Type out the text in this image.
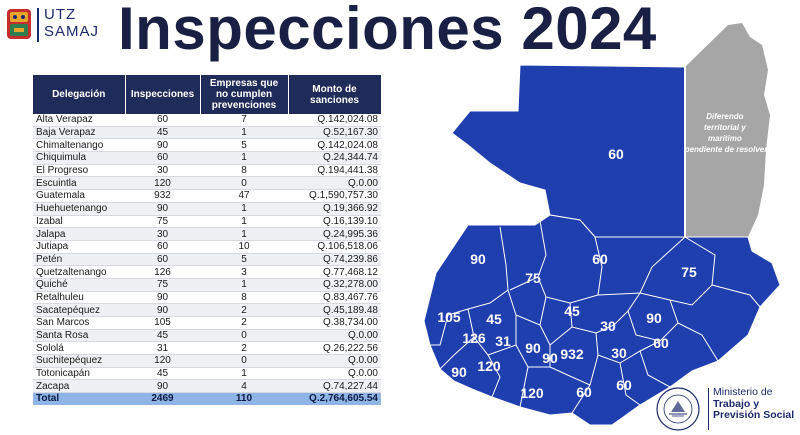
UTZ
SAMAJ Inspecciones 2024
Delegación	Inspecciones	Empresas que no cumplen prevenciones	Monto de sanciones
Alta Verapaz	60	7	Q.142,024.08
Baja Verapaz	45	1	Q.52,167.30
Chimaltenango	90	5	Q.142,024.08
Chiquimula	60	1	Q.24,344.74
El Progreso	30	8	Q.194,441.38
Escuintla	120	0	Q.0.00
Guatemala	932	47	Q.1,590,757.30
Huehuetenango	90	1	Q.19,366.92
Izabal	75	1	Q.16,139.10
Jalapa	30	1	Q.24,995.36
Jutiapa	60	10	Q.106,518.06
Petén	60	5	Q.74,239.86
Quetzaltenango	126	3	Q.77,468.12
Quiché	75	1	Q.32,278.00
Retalhuleu	90	8	Q.83,467.76
Sacatepéquez	90	2	Q.45,189.48
San Marcos	105	2	Q.38,734.00
Santa Rosa	45	0	Q.0.00
Sololá	31	2	Q.26,222.56
Suchitepéquez	120	0	Q.0.00
Totonicapán	45	1	Q.0.00
Zacapa	90	4	Q.74,227.44
Total	2469	110	Q.2,764,605.54
Diferendo territorial y marítimo pendiente de resolver
60
90
75
60
75
45
105 45
126 31
30 90
90
90 932 30
60
90 120
120 60 60	Ministerio de
Trabajo y
Previsión Social
